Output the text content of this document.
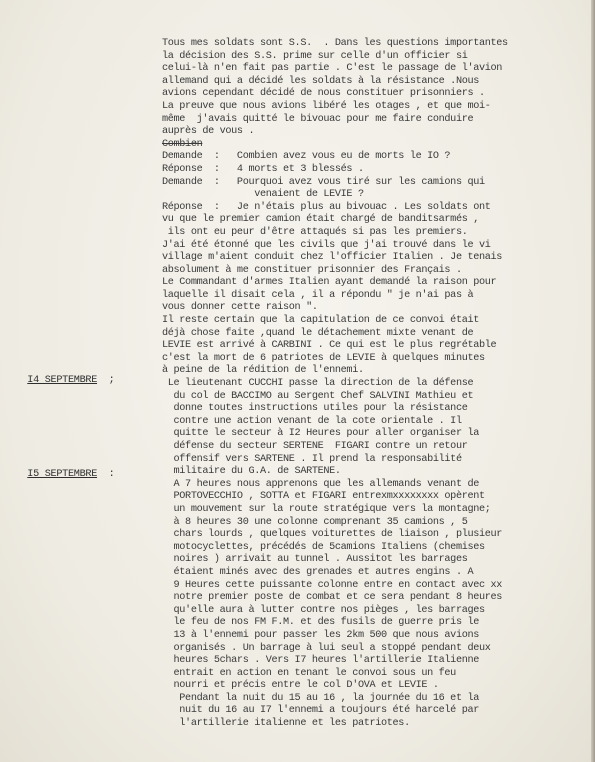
I4 SEPTEMBRE ;

I5 SEPTEMBRE :

Tous mes soldats sont S.S.  . Dans les questions importantes
la décision des S.S. prime sur celle d'un officier si
celui-là n'en fait pas partie . C'est le passage de l'avion
allemand qui a décidé les soldats à la résistance .Nous
avions cependant décidé de nous constituer prisonniers .
La preuve que nous avions libéré les otages , et que moi-
même  j'avais quitté le bivouac pour me faire conduire
auprès de vous .
Combien
Demande  :   Combien avez vous eu de morts le IO ?
Réponse  :   4 morts et 3 blessés .
Demande  :   Pourquoi avez vous tiré sur les camions qui
venaient de LEVIE ?
Réponse  :   Je n'étais plus au bivouac . Les soldats ont
vu que le premier camion était chargé de banditsarmés ,
ils ont eu peur d'être attaqués si pas les premiers.
J'ai été étonné que les civils que j'ai trouvé dans le vi
village m'aient conduit chez l'officier Italien . Je tenais
absolument à me constituer prisonnier des Français .
Le Commandant d'armes Italien ayant demandé la raison pour
laquelle il disait cela , il a répondu " je n'ai pas à
vous donner cette raison ".
Il reste certain que la capitulation de ce convoi était
déjà chose faite ,quand le détachement mixte venant de
LEVIE est arrivé à CARBINI . Ce qui est le plus regrétable
c'est la mort de 6 patriotes de LEVIE à quelques minutes
à peine de la rédition de l'ennemi.
Le lieutenant CUCCHI passe la direction de la défense
du col de BACCIMO au Sergent Chef SALVINI Mathieu et
donne toutes instructions utiles pour la résistance
contre une action venant de la cote orientale . Il
quitte le secteur à I2 Heures pour aller organiser la
défense du secteur SERTENE  FIGARI contre un retour
offensif vers SARTENE . Il prend la responsabilité
militaire du G.A. de SARTENE.
A 7 heures nous apprenons que les allemands venant de
PORTOVECCHIO , SOTTA et FIGARI entrexmxxxxxxxx opèrent
un mouvement sur la route stratégique vers la montagne;
à 8 heures 30 une colonne comprenant 35 camions , 5
chars lourds , quelques voiturettes de liaison , plusieur
motocyclettes, précédés de 5camions Italiens (chemises
noires ) arrivait au tunnel . Aussitot les barrages
étaient minés avec des grenades et autres engins . A
9 Heures cette puissante colonne entre en contact avec xx
notre premier poste de combat et ce sera pendant 8 heures
qu'elle aura à lutter contre nos pièges , les barrages
le feu de nos FM F.M. et des fusils de guerre pris le
13 à l'ennemi pour passer les 2km 500 que nous avions
organisés . Un barrage à lui seul a stoppé pendant deux
heures 5chars . Vers I7 heures l'artillerie Italienne
entrait en action en tenant le convoi sous un feu
nourri et précis entre le col D'OVA et LEVIE .
Pendant la nuit du 15 au 16 , la journée du 16 et la
nuit du 16 au I7 l'ennemi a toujours été harcelé par
l'artillerie italienne et les patriotes.
